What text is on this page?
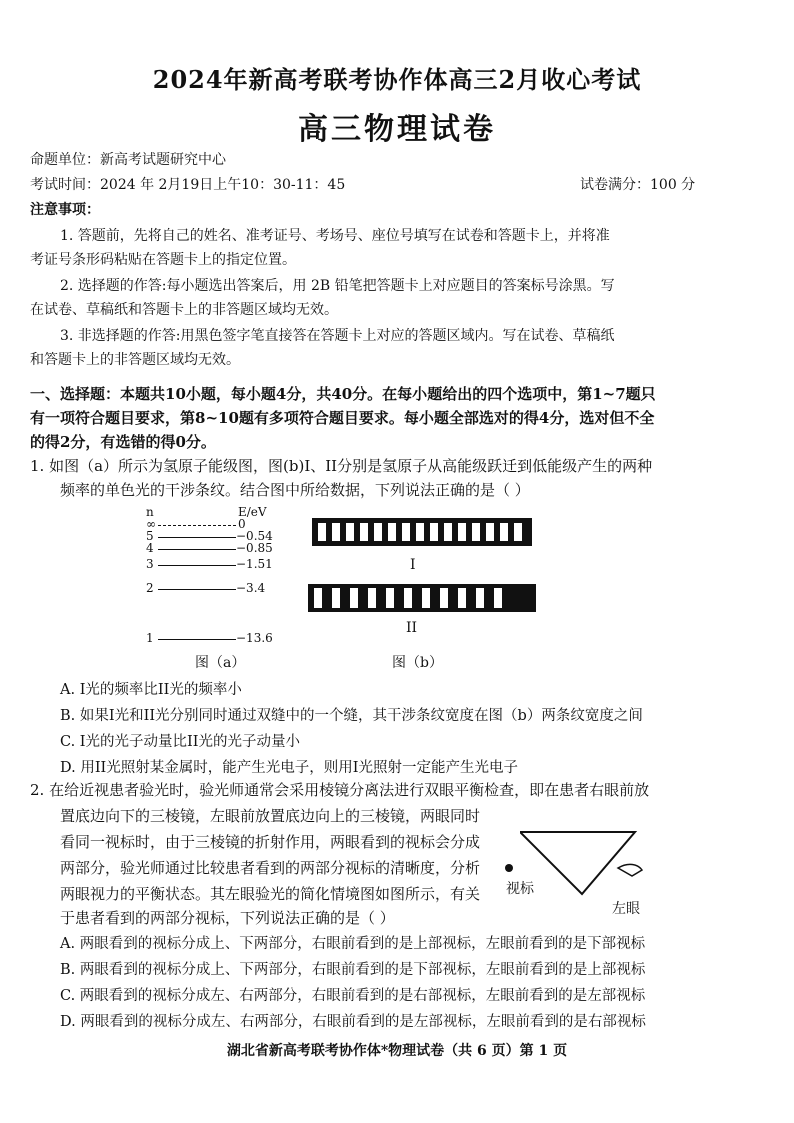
2024年新高考联考协作体高三2月收心考试
高三物理试卷
命题单位：新高考试题研究中心
考试时间：2024 年 2月19日上午10：30-11：45	试卷满分：100 分
注意事项：
1. 答题前，先将自己的姓名、准考证号、考场号、座位号填写在试卷和答题卡上，并将准
考证号条形码粘贴在答题卡上的指定位置。
2. 选择题的作答:每小题选出答案后，用 2B 铅笔把答题卡上对应题目的答案标号涂黑。写
在试卷、草稿纸和答题卡上的非答题区域均无效。
3. 非选择题的作答:用黑色签字笔直接答在答题卡上对应的答题区域内。写在试卷、草稿纸
和答题卡上的非答题区域均无效。
一、选择题：本题共10小题，每小题4分，共40分。在每小题给出的四个选项中，第1~7题只
有一项符合题目要求，第8~10题有多项符合题目要求。每小题全部选对的得4分，选对但不全
的得2分，有选错的得0分。
1. 如图（a）所示为氢原子能级图，图(b)I、II分别是氢原子从高能级跃迁到低能级产生的两种
频率的单色光的干涉条纹。结合图中所给数据，下列说法正确的是（ ）
n	E/eV
∞	0
5	−0.54
4	−0.85
3	−1.51
2	−3.4
1	−13.6
图（a）
I
II
图（b）
A. I光的频率比II光的频率小
B. 如果I光和II光分别同时通过双缝中的一个缝，其干涉条纹宽度在图（b）两条纹宽度之间
C. I光的光子动量比II光的光子动量小
D. 用II光照射某金属时，能产生光电子，则用I光照射一定能产生光电子
2. 在给近视患者验光时，验光师通常会采用棱镜分离法进行双眼平衡检查，即在患者右眼前放
置底边向下的三棱镜，左眼前放置底边向上的三棱镜，两眼同时
看同一视标时，由于三棱镜的折射作用，两眼看到的视标会分成
两部分，验光师通过比较患者看到的两部分视标的清晰度，分析
两眼视力的平衡状态。其左眼验光的简化情境图如图所示，有关
于患者看到的两部分视标，下列说法正确的是（ ）
视标
左眼
A. 两眼看到的视标分成上、下两部分，右眼前看到的是上部视标，左眼前看到的是下部视标
B. 两眼看到的视标分成上、下两部分，右眼前看到的是下部视标，左眼前看到的是上部视标
C. 两眼看到的视标分成左、右两部分，右眼前看到的是右部视标，左眼前看到的是左部视标
D. 两眼看到的视标分成左、右两部分，右眼前看到的是左部视标，左眼前看到的是右部视标
湖北省新高考联考协作体*物理试卷（共 6 页）第 1 页
